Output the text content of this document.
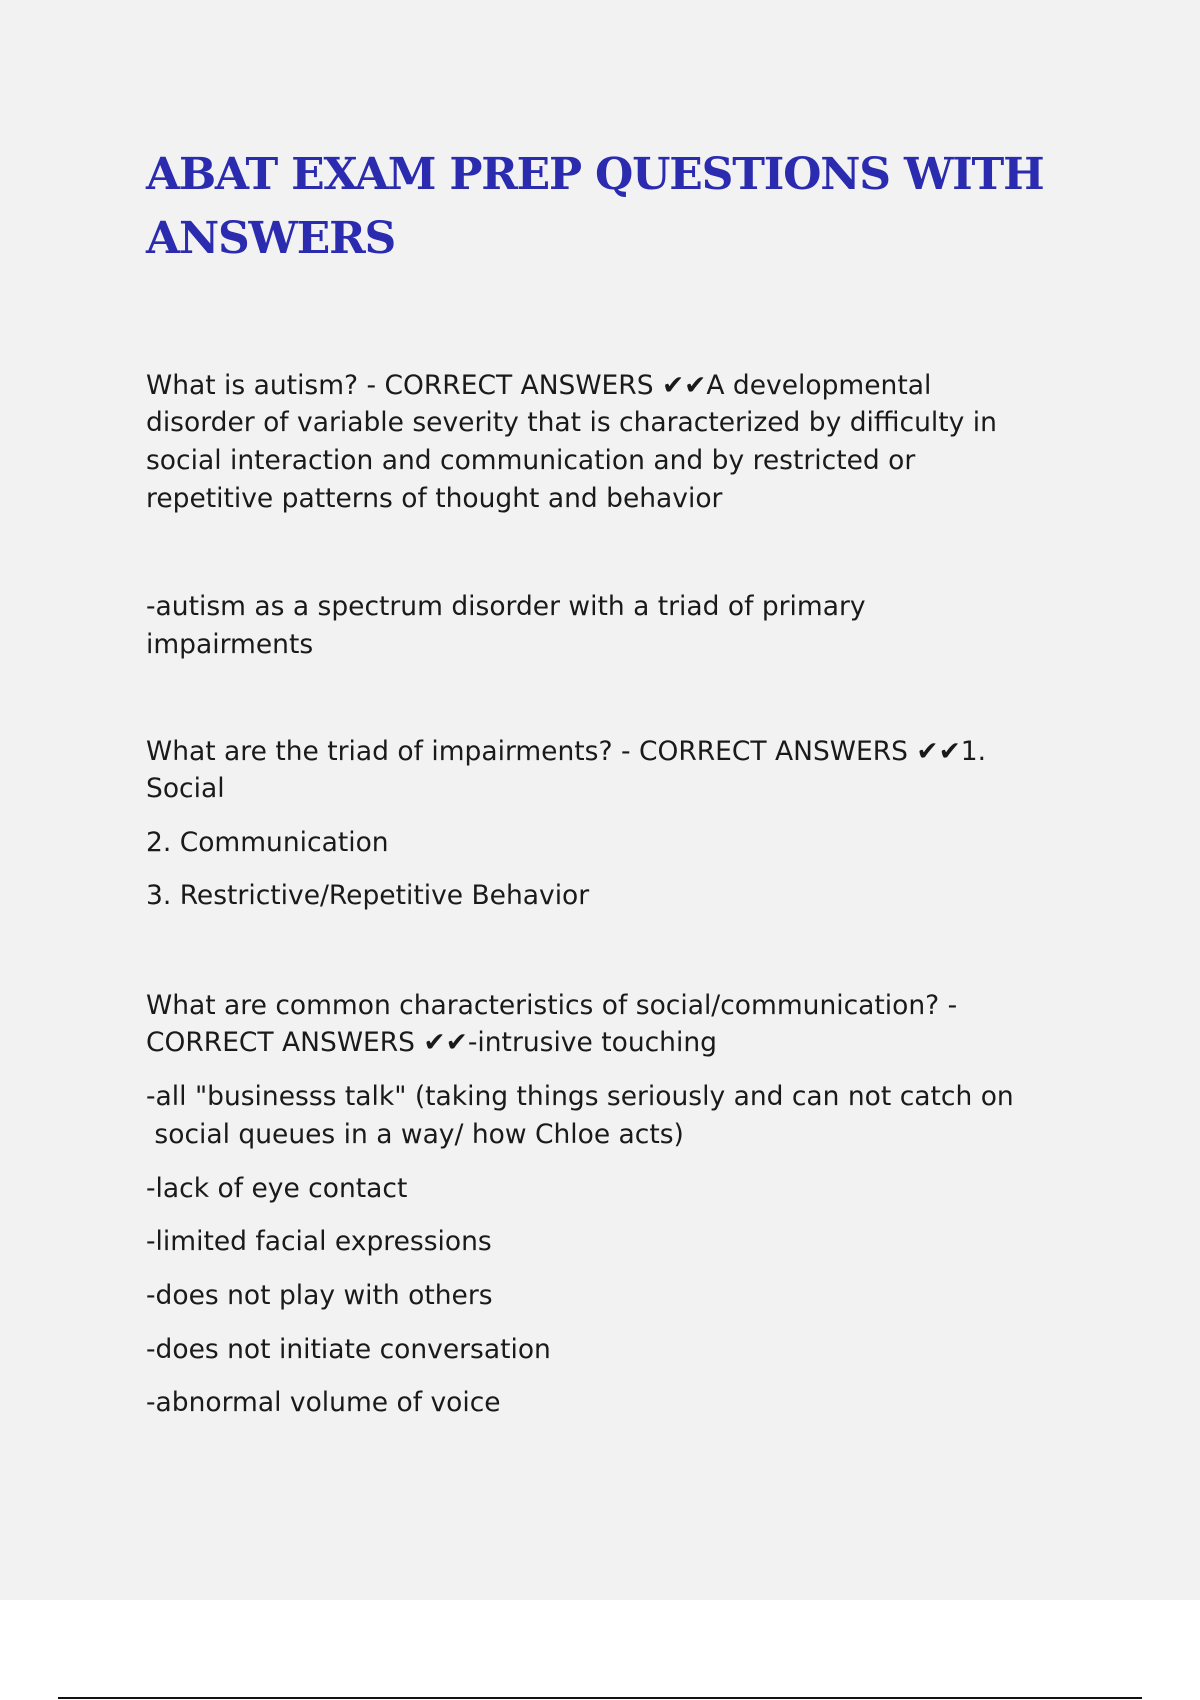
ABAT EXAM PREP QUESTIONS WITH ANSWERS
What is autism? - CORRECT ANSWERS ✔✔A developmental
disorder of variable severity that is characterized by difficulty in
social interaction and communication and by restricted or
repetitive patterns of thought and behavior
-autism as a spectrum disorder with a triad of primary
impairments
What are the triad of impairments? - CORRECT ANSWERS ✔✔1.
Social
2. Communication
3. Restrictive/Repetitive Behavior
What are common characteristics of social/communication? -
CORRECT ANSWERS ✔✔-intrusive touching
-all "businesss talk" (taking things seriously and can not catch on
social queues in a way/ how Chloe acts)
-lack of eye contact
-limited facial expressions
-does not play with others
-does not initiate conversation
-abnormal volume of voice
